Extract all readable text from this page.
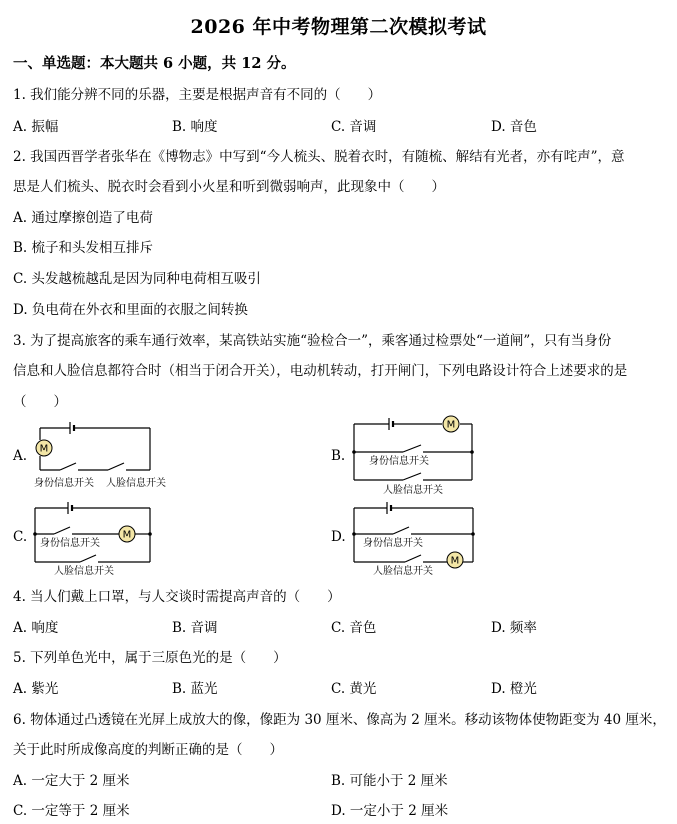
2026 年中考物理第二次模拟考试
一、单选题：本大题共 6 小题，共 12 分。
1. 我们能分辨不同的乐器，主要是根据声音有不同的（　　）
A. 振幅	B. 响度	C. 音调	D. 音色
2. 我国西晋学者张华在《博物志》中写到“今人梳头、脱着衣时，有随梳、解结有光者，亦有咤声”，意
思是人们梳头、脱衣时会看到小火星和听到微弱响声，此现象中（　　）
A. 通过摩擦创造了电荷
B. 梳子和头发相互排斥
C. 头发越梳越乱是因为同种电荷相互吸引
D. 负电荷在外衣和里面的衣服之间转换
3. 为了提高旅客的乘车通行效率，某高铁站实施“验检合一”，乘客通过检票处“一道闸”，只有当身份
信息和人脸信息都符合时（相当于闭合开关），电动机转动，打开闸门，下列电路设计符合上述要求的是
（　　）
A. M
身份信息开关 人脸信息开关
B.
M
身份信息开关
人脸信息开关
C.	M
身份信息开关
人脸信息开关
D.
M
身份信息开关
人脸信息开关
4. 当人们戴上口罩，与人交谈时需提高声音的（　　）
A. 响度	B. 音调	C. 音色	D. 频率
5. 下列单色光中，属于三原色光的是（　　）
A. 紫光	B. 蓝光	C. 黄光	D. 橙光
6. 物体通过凸透镜在光屏上成放大的像，像距为 30 厘米、像高为 2 厘米。移动该物体使物距变为 40 厘米，
关于此时所成像高度的判断正确的是（　　）
A. 一定大于 2 厘米	B. 可能小于 2 厘米
C. 一定等于 2 厘米	D. 一定小于 2 厘米
